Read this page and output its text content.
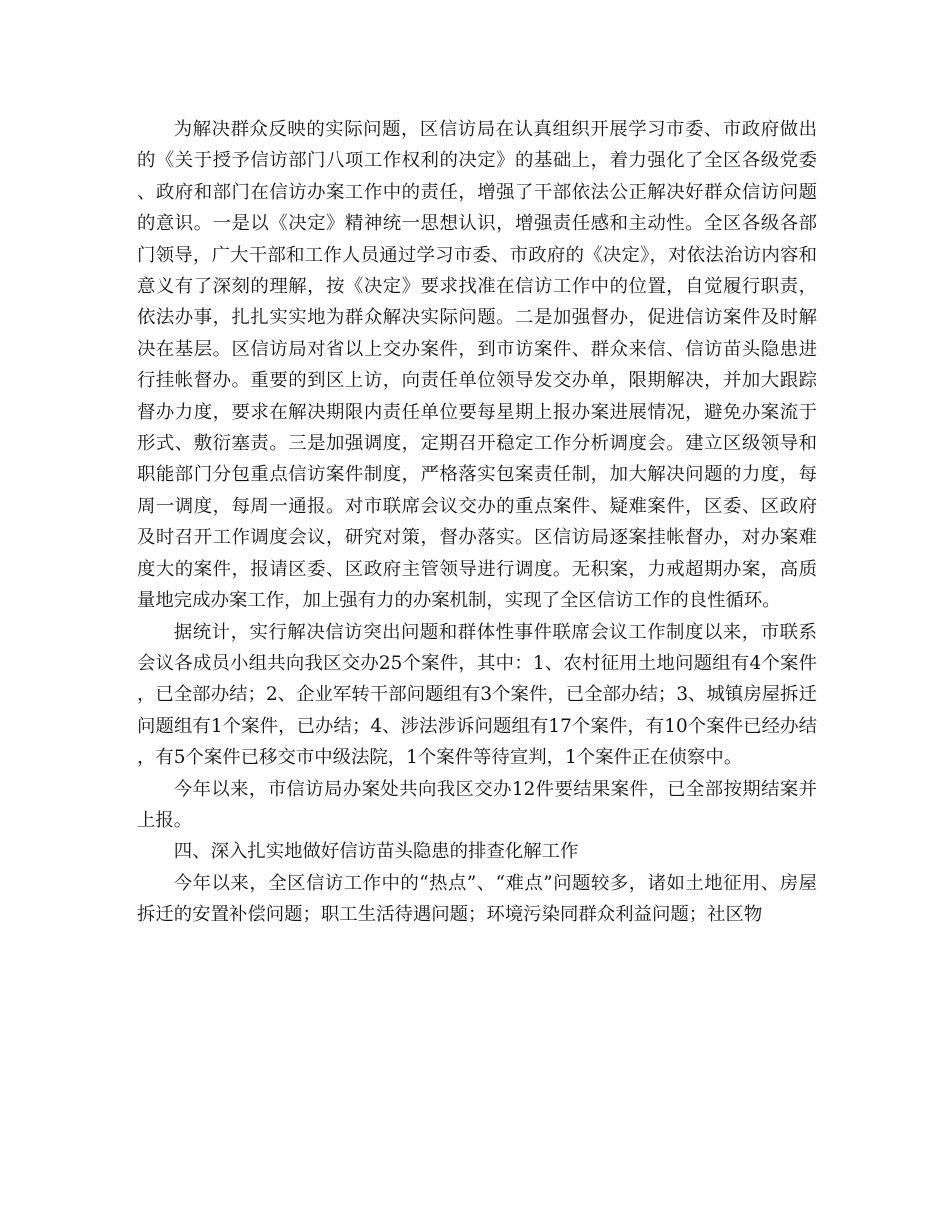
为解决群众反映的实际问题，区信访局在认真组织开展学习市委、市政府做出的《关于授予信访部门八项工作权利的决定》的基础上，着力强化了全区各级党委、政府和部门在信访办案工作中的责任，增强了干部依法公正解决好群众信访问题的意识。一是以《决定》精神统一思想认识，增强责任感和主动性。全区各级各部门领导，广大干部和工作人员通过学习市委、市政府的《决定》，对依法治访内容和意义有了深刻的理解，按《决定》要求找准在信访工作中的位置，自觉履行职责，依法办事，扎扎实实地为群众解决实际问题。二是加强督办，促进信访案件及时解决在基层。区信访局对省以上交办案件，到市访案件、群众来信、信访苗头隐患进行挂帐督办。重要的到区上访，向责任单位领导发交办单，限期解决，并加大跟踪督办力度，要求在解决期限内责任单位要每星期上报办案进展情况，避免办案流于形式、敷衍塞责。三是加强调度，定期召开稳定工作分析调度会。建立区级领导和职能部门分包重点信访案件制度，严格落实包案责任制，加大解决问题的力度，每周一调度，每周一通报。对市联席会议交办的重点案件、疑难案件，区委、区政府及时召开工作调度会议，研究对策，督办落实。区信访局逐案挂帐督办，对办案难度大的案件，报请区委、区政府主管领导进行调度。无积案，力戒超期办案，高质量地完成办案工作，加上强有力的办案机制，实现了全区信访工作的良性循环。

据统计，实行解决信访突出问题和群体性事件联席会议工作制度以来，市联系会议各成员小组共向我区交办25个案件，其中：1、农村征用土地问题组有4个案件，已全部办结；2、企业军转干部问题组有3个案件，已全部办结；3、城镇房屋拆迁问题组有1个案件，已办结；4、涉法涉诉问题组有17个案件，有10个案件已经办结，有5个案件已移交市中级法院，1个案件等待宣判，1个案件正在侦察中。

今年以来，市信访局办案处共向我区交办12件要结果案件，已全部按期结案并上报。

四、深入扎实地做好信访苗头隐患的排查化解工作

今年以来，全区信访工作中的“热点”、“难点”问题较多，诸如土地征用、房屋拆迁的安置补偿问题；职工生活待遇问题；环境污染同群众利益问题；社区物
